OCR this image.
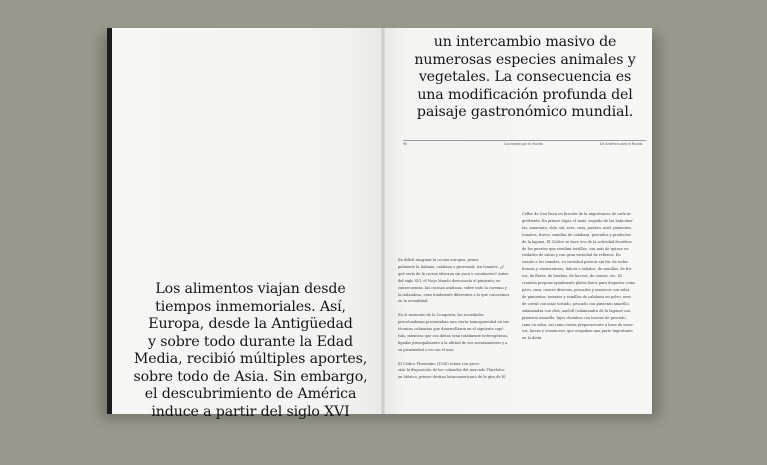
Los alimentos viajan desde
tiempos inmemoriales. Así,
Europa, desde la Antigüedad
y sobre todo durante la Edad
Media, recibió múltiples aportes,
sobre todo de Asia. Sin embargo,
el descubrimiento de América
induce a partir del siglo XVI
un intercambio masivo de
numerosas especies animales y
vegetales. La consecuencia es
una modificación profunda del
paisaje gastronómico mundial.
90	Cocinando por el mundo	De América para el Mundo
En difícil imaginar la cocina europea, princi-
palmente la italiana, catalana o provenzal, sin tomates. ¿Y
qué sería de la cocina africana sin yuca o cacahuetes? Antes
del siglo XVI, el Viejo Mundo desconocía el pimiento; en
consecuencia, las cocinas asiáticas, sobre todo la coreana y
la tailandesa, eran totalmente diferentes a lo que conocemos
en la actualidad.
En el momento de la Conquista, las sociedades
precolombinas presentaban una cierta homogeneidad en sus
técnicas culinarias que desarrollaron en el siguiente capí-
tulo, mientras que sus dietas eran totalmente heterogéneas,
ligadas principalmente a la altitud de sus asentamientos y a
su proximidad o no con el mar.
El Códice Florentino (1558) relata con preci-
sión la disposición de los colmados del mercado Tlatelolco
en México, primer destino latinoamericano de la gira de El
Celler de Can Roca en función de la importancia de cada in-
grediente. En primer lugar, el maíz, seguido de las habichue-
las, amaranto, chía, sal, aves, caza, jarabes, miel, pimientos,
tomates, frutos, semillas de calabaza, pescados y productos
de la laguna. El Códice se hace eco de la actividad frenética
de los puestos que vendían tortillas, con más de quince va-
riedades de sabas y con gran variedad de rellenos. En
cuanto a los tamales, su variedad parecía sin fin: de todas
formas y consistencias, dulces o salados, de semillas, de fru-
tos, de flores, de hierbas, de huevos, de carnes, etc. El
cronista propone igualmente platos listos para degustar como
pavo, caza, carnes diversas, pescados y mariscos con salsa
de pimientos, tomates y semillas de calabaza en polvo, aves
de corral con maíz tostado, pescado con pimiento amarillo,
salamandra con chía, axolotl (salamandra de la laguna) con
pimiento amarillo, hijos chombos con huevas de pescado,
rana en salsa, así como varias preparaciones a base de insec-
tos, larvas y crustáceos, que ocupaban una parte importante
en la dieta.
